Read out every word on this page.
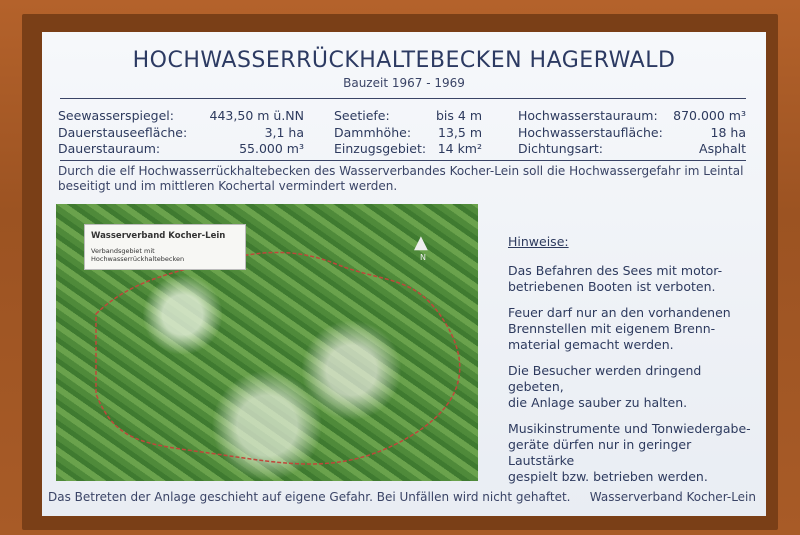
HOCHWASSERRÜCKHALTEBECKEN HAGERWALD
Bauzeit 1967 - 1969
Seewasserspiegel:	443,50 m ü.NN
Dauerstauseefläche:	3,1 ha
Dauerstauraum:	55.000 m³
Seetiefe:	bis 4 m
Dammhöhe: 13,5 m
Einzugsgebiet: 14 km²
Hochwasserstauraum: 870.000 m³
Hochwasserstaufläche:	18 ha
Dichtungsart:	Asphalt
Durch die elf Hochwasserrückhaltebecken des Wasserverbandes Kocher-Lein soll die Hochwassergefahr im Leintal beseitigt und im mittleren Kochertal vermindert werden.
Wasserverband Kocher-Lein
Verbandsgebiet mit Hochwasserrückhaltebecken
▲
N
Hinweise:

Das Befahren des Sees mit motor-
betriebenen Booten ist verboten.

Feuer darf nur an den vorhandenen
Brennstellen mit eigenem Brenn-
material gemacht werden.

Die Besucher werden dringend gebeten,
die Anlage sauber zu halten.

Musikinstrumente und Tonwiedergabe-
geräte dürfen nur in geringer Lautstärke
gespielt bzw. betrieben werden.

Das Betreten der Anlage geschieht auf eigene Gefahr. Bei Unfällen wird nicht gehaftet. Wasserverband Kocher-Lein
